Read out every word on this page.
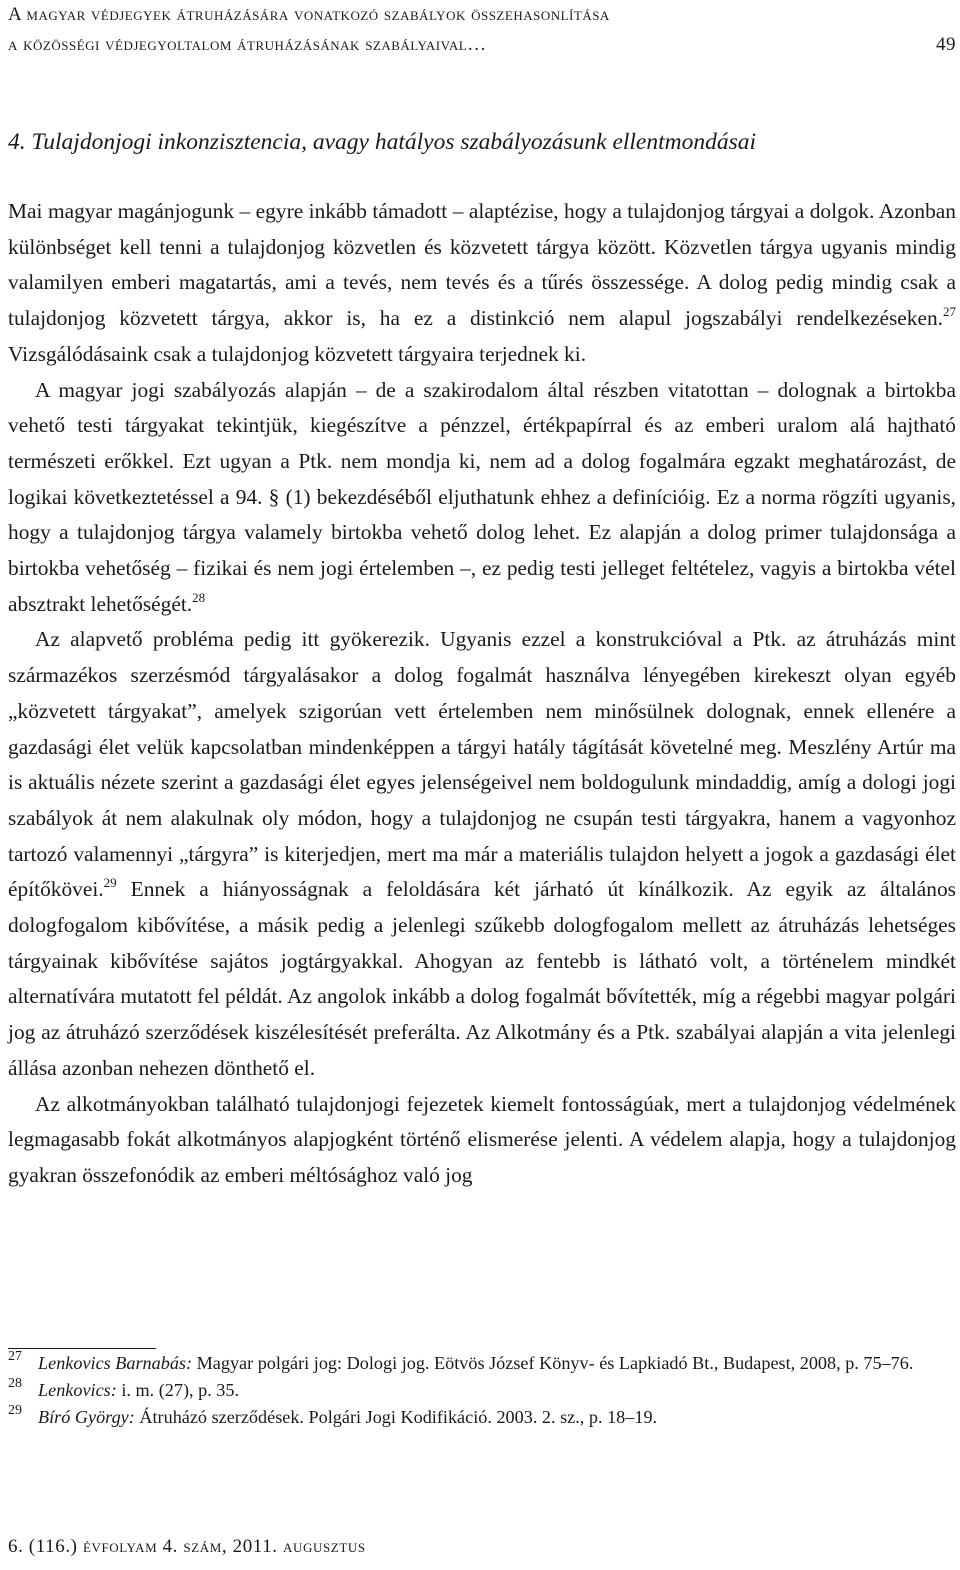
A magyar védjegyek átruházására vonatkozó szabályok összehasonlítása
a közösségi védjegyoltalom átruházásának szabályaival…	49
4. Tulajdonjogi inkonzisztencia, avagy hatályos szabályozásunk ellentmondásai

Mai magyar magánjogunk – egyre inkább támadott – alaptézise, hogy a tulajdonjog tárgyai a dolgok. Azonban különbséget kell tenni a tulajdonjog közvetlen és közvetett tárgya között. Közvetlen tárgya ugyanis mindig valamilyen emberi magatartás, ami a tevés, nem tevés és a tűrés összessége. A dolog pedig mindig csak a tulajdonjog közvetett tárgya, akkor is, ha ez a distinkció nem alapul jogszabályi rendelkezéseken.$^{27}$ Vizsgálódásaink csak a tulajdonjog közvetett tárgyaira terjednek ki.

A magyar jogi szabályozás alapján – de a szakirodalom által részben vitatottan – dolognak a birtokba vehető testi tárgyakat tekintjük, kiegészítve a pénzzel, értékpapírral és az emberi uralom alá hajtható természeti erőkkel. Ezt ugyan a Ptk. nem mondja ki, nem ad a dolog fogalmára egzakt meghatározást, de logikai következtetéssel a 94. § (1) bekezdéséből eljuthatunk ehhez a definícióig. Ez a norma rögzíti ugyanis, hogy a tulajdonjog tárgya valamely birtokba vehető dolog lehet. Ez alapján a dolog primer tulajdonsága a birtokba vehetőség – fizikai és nem jogi értelemben –, ez pedig testi jelleget feltételez, vagyis a birtokba vétel absztrakt lehetőségét.$^{28}$

Az alapvető probléma pedig itt gyökerezik. Ugyanis ezzel a konstrukcióval a Ptk. az átruházás mint származékos szerzésmód tárgyalásakor a dolog fogalmát használva lényegében kirekeszt olyan egyéb „közvetett tárgyakat”, amelyek szigorúan vett értelemben nem minősülnek dolognak, ennek ellenére a gazdasági élet velük kapcsolatban mindenképpen a tárgyi hatály tágítását követelné meg. Meszlény Artúr ma is aktuális nézete szerint a gazdasági élet egyes jelenségeivel nem boldogulunk mindaddig, amíg a dologi jogi szabályok át nem alakulnak oly módon, hogy a tulajdonjog ne csupán testi tárgyakra, hanem a vagyonhoz tartozó valamennyi „tárgyra” is kiterjedjen, mert ma már a materiális tulajdon helyett a jogok a gazdasági élet építőkövei.$^{29}$ Ennek a hiányosságnak a feloldására két járható út kínálkozik. Az egyik az általános dologfogalom kibővítése, a másik pedig a jelenlegi szűkebb dologfogalom mellett az átruházás lehetséges tárgyainak kibővítése sajátos jogtárgyakkal. Ahogyan az fentebb is látható volt, a történelem mindkét alternatívára mutatott fel példát. Az angolok inkább a dolog fogalmát bővítették, míg a régebbi magyar polgári jog az átruházó szerződések kiszélesítését preferálta. Az Alkotmány és a Ptk. szabályai alapján a vita jelenlegi állása azonban nehezen dönthető el.

Az alkotmányokban található tulajdonjogi fejezetek kiemelt fontosságúak, mert a tulajdonjog védelmének legmagasabb fokát alkotmányos alapjogként történő elismerése jelenti. A védelem alapja, hogy a tulajdonjog gyakran összefonódik az emberi méltósághoz való jog

27 Lenkovics Barnabás: Magyar polgári jog: Dologi jog. Eötvös József Könyv- és Lapkiadó Bt., Budapest, 2008, p. 75–76.
28 Lenkovics: i. m. (27), p. 35.
29 Bíró György: Átruházó szerződések. Polgári Jogi Kodifikáció. 2003. 2. sz., p. 18–19.
6. (116.) évfolyam 4. szám, 2011. augusztus
